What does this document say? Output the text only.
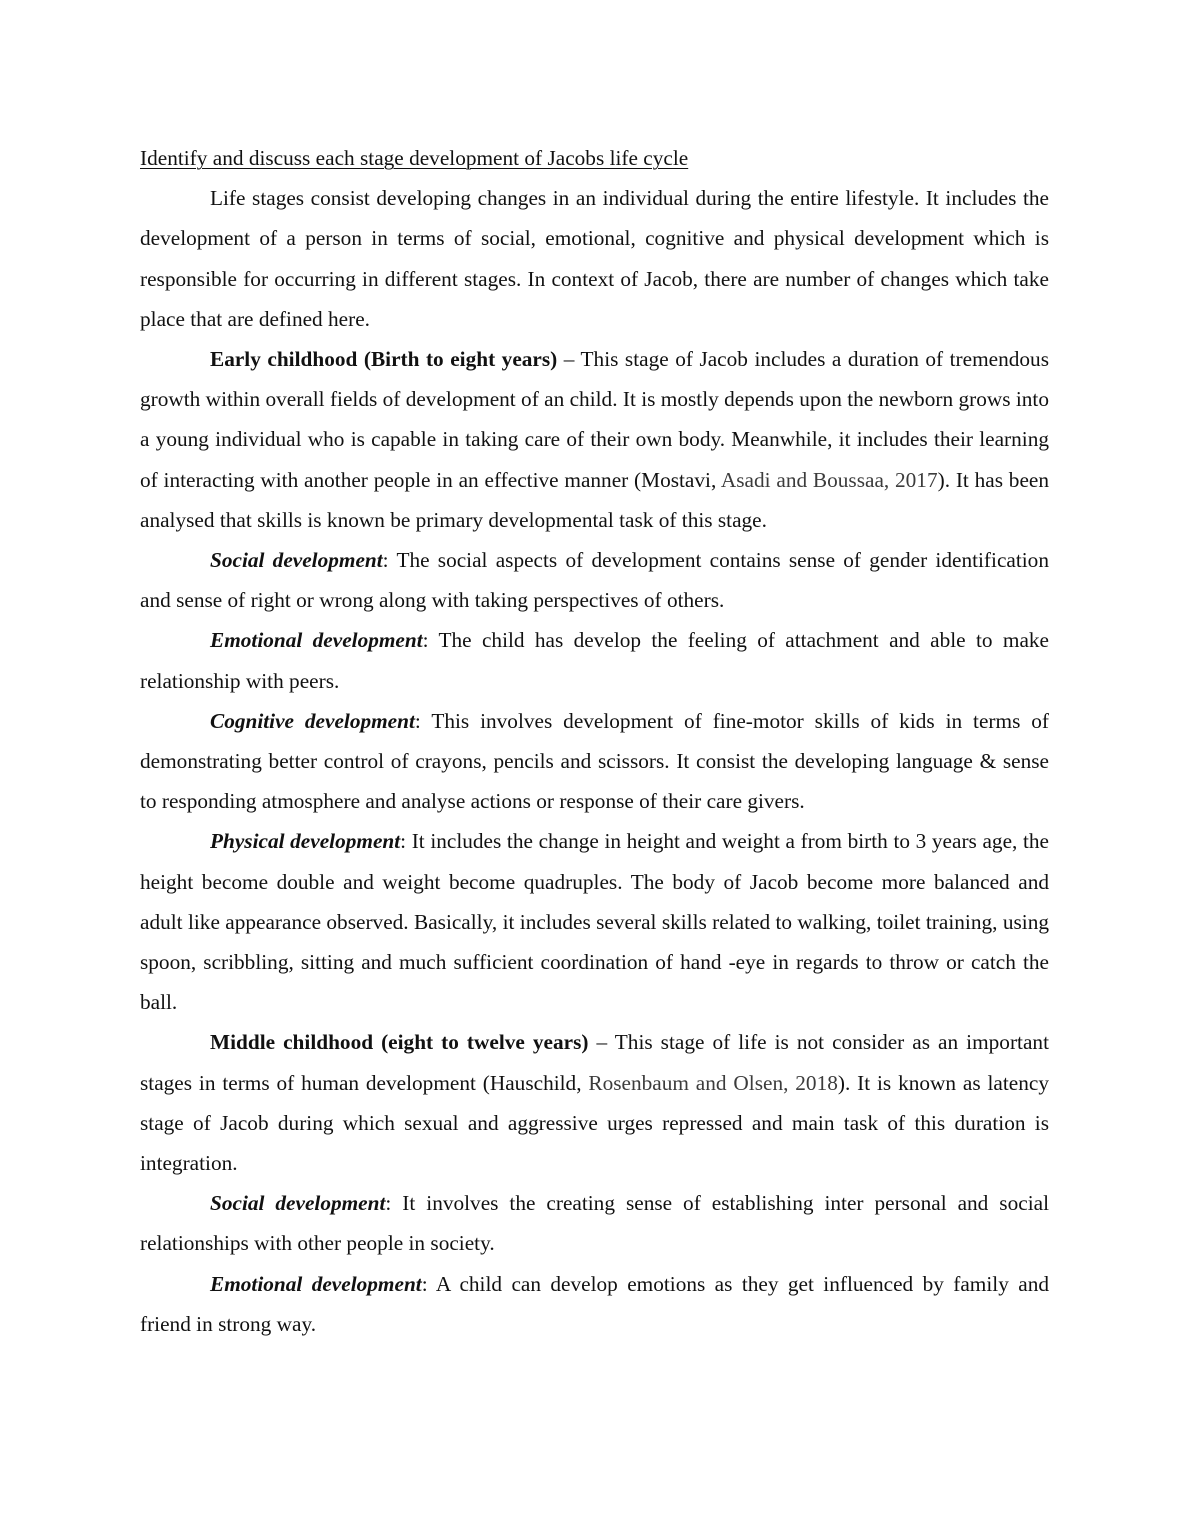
Identify and discuss each stage development of Jacobs life cycle

Life stages consist developing changes in an individual during the entire lifestyle. It includes the development of a person in terms of social, emotional, cognitive and physical development which is responsible for occurring in different stages. In context of Jacob, there are number of changes which take place that are defined here.

Early childhood (Birth to eight years) – This stage of Jacob includes a duration of tremendous growth within overall fields of development of an child. It is mostly depends upon the newborn grows into a young individual who is capable in taking care of their own body. Meanwhile, it includes their learning of interacting with another people in an effective manner (Mostavi, Asadi and Boussaa, 2017). It has been analysed that skills is known be primary developmental task of this stage.

Social development: The social aspects of development contains sense of gender identification and sense of right or wrong along with taking perspectives of others.

Emotional development: The child has develop the feeling of attachment and able to make relationship with peers.

Cognitive development: This involves development of fine-motor skills of kids in terms of demonstrating better control of crayons, pencils and scissors. It consist the developing language & sense to responding atmosphere and analyse actions or response of their care givers.

Physical development: It includes the change in height and weight a from birth to 3 years age, the height become double and weight become quadruples. The body of Jacob become more balanced and adult like appearance observed. Basically, it includes several skills related to walking, toilet training, using spoon, scribbling, sitting and much sufficient coordination of hand -eye in regards to throw or catch the ball.

Middle childhood (eight to twelve years) – This stage of life is not consider as an important stages in terms of human development (Hauschild, Rosenbaum and Olsen, 2018). It is known as latency stage of Jacob during which sexual and aggressive urges repressed and main task of this duration is integration.

Social development: It involves the creating sense of establishing inter personal and social relationships with other people in society.

Emotional development: A child can develop emotions as they get influenced by family and friend in strong way.
